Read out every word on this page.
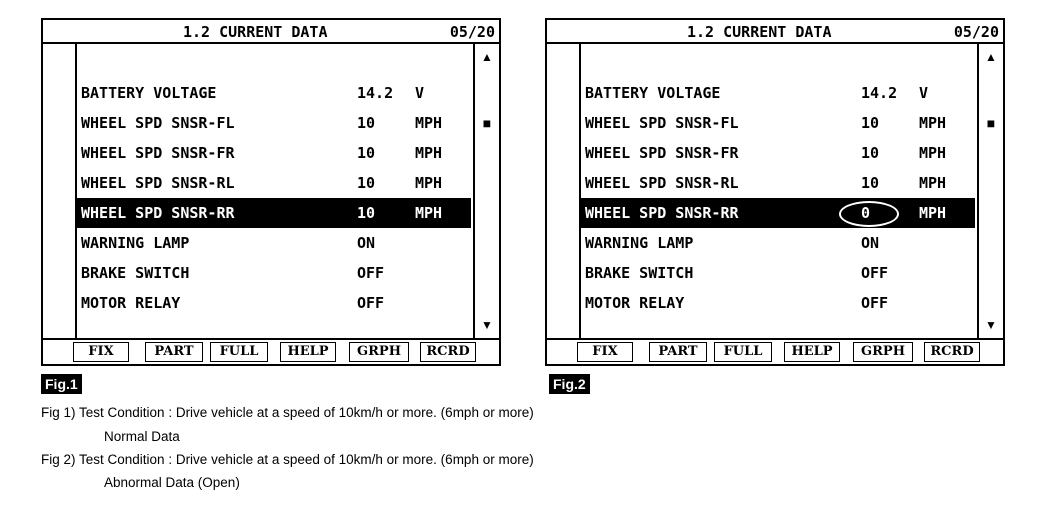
1.2 CURRENT DATA	05/20
▲
■
▼
BATTERY VOLTAGE	14.2 V
WHEEL SPD SNSR-FL	10	MPH
WHEEL SPD SNSR-FR	10	MPH
WHEEL SPD SNSR-RL	10	MPH
WHEEL SPD SNSR-RR	10	MPH
WARNING LAMP	ON
BRAKE SWITCH	OFF
MOTOR RELAY	OFF
FIX	PART	FULL	HELP	GRPH	RCRD
Fig.1
1.2 CURRENT DATA	05/20
▲
■
▼
BATTERY VOLTAGE	14.2 V
WHEEL SPD SNSR-FL	10	MPH
WHEEL SPD SNSR-FR	10	MPH
WHEEL SPD SNSR-RL	10	MPH
WHEEL SPD SNSR-RR	0	MPH
WARNING LAMP	ON
BRAKE SWITCH	OFF
MOTOR RELAY	OFF
FIX	PART	FULL	HELP	GRPH	RCRD
Fig.2
Fig 1) Test Condition : Drive vehicle at a speed of 10km/h or more. (6mph or more)
Normal Data
Fig 2) Test Condition : Drive vehicle at a speed of 10km/h or more. (6mph or more)
Abnormal Data (Open)
